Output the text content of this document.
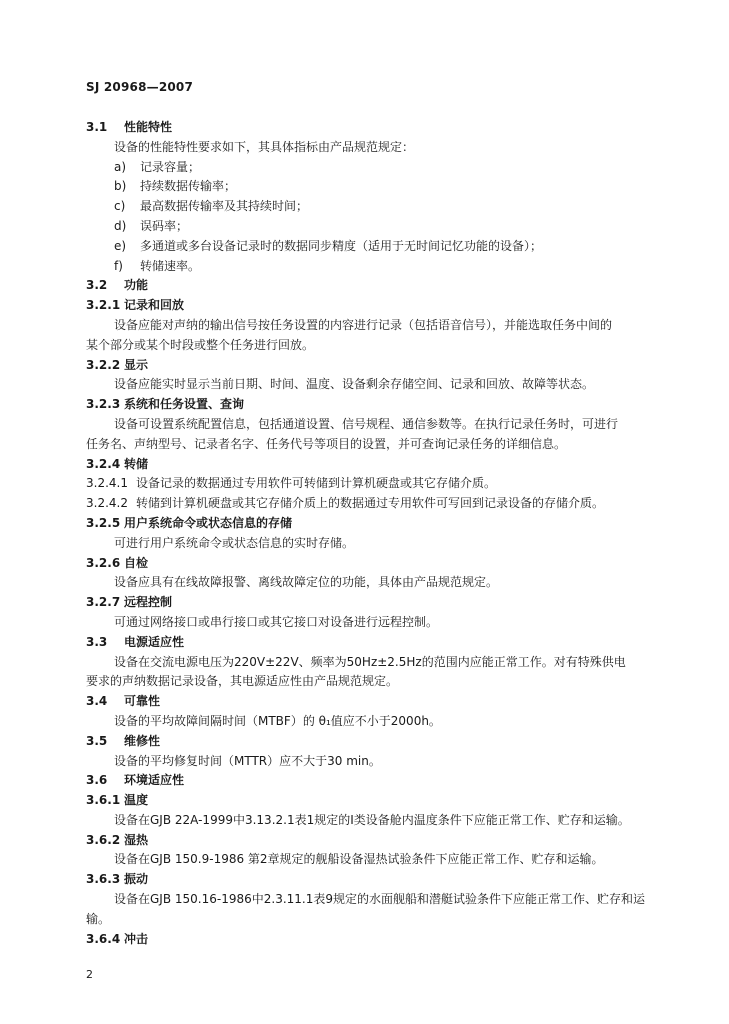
SJ 20968—2007
3.1 性能特性
设备的性能特性要求如下，其具体指标由产品规范规定：
a) 记录容量；
b) 持续数据传输率；
c) 最高数据传输率及其持续时间；
d) 误码率；
e) 多通道或多台设备记录时的数据同步精度（适用于无时间记忆功能的设备）；
f) 转储速率。
3.2 功能
3.2.1 记录和回放
设备应能对声纳的输出信号按任务设置的内容进行记录（包括语音信号），并能选取任务中间的
某个部分或某个时段或整个任务进行回放。
3.2.2 显示
设备应能实时显示当前日期、时间、温度、设备剩余存储空间、记录和回放、故障等状态。
3.2.3 系统和任务设置、查询
设备可设置系统配置信息，包括通道设置、信号规程、通信参数等。在执行记录任务时，可进行
任务名、声纳型号、记录者名字、任务代号等项目的设置，并可查询记录任务的详细信息。
3.2.4 转储
3.2.4.1 设备记录的数据通过专用软件可转储到计算机硬盘或其它存储介质。
3.2.4.2 转储到计算机硬盘或其它存储介质上的数据通过专用软件可写回到记录设备的存储介质。
3.2.5 用户系统命令或状态信息的存储
可进行用户系统命令或状态信息的实时存储。
3.2.6 自检
设备应具有在线故障报警、离线故障定位的功能，具体由产品规范规定。
3.2.7 远程控制
可通过网络接口或串行接口或其它接口对设备进行远程控制。
3.3 电源适应性
设备在交流电源电压为220V±22V、频率为50Hz±2.5Hz的范围内应能正常工作。对有特殊供电
要求的声纳数据记录设备，其电源适应性由产品规范规定。
3.4 可靠性
设备的平均故障间隔时间（MTBF）的 θ₁值应不小于2000h。
3.5 维修性
设备的平均修复时间（MTTR）应不大于30 min。
3.6 环境适应性
3.6.1 温度
设备在GJB 22A-1999中3.13.2.1表1规定的Ⅰ类设备舱内温度条件下应能正常工作、贮存和运输。
3.6.2 湿热
设备在GJB 150.9-1986 第2章规定的舰船设备湿热试验条件下应能正常工作、贮存和运输。
3.6.3 振动
设备在GJB 150.16-1986中2.3.11.1表9规定的水面舰船和潜艇试验条件下应能正常工作、贮存和运
输。
3.6.4 冲击
2
